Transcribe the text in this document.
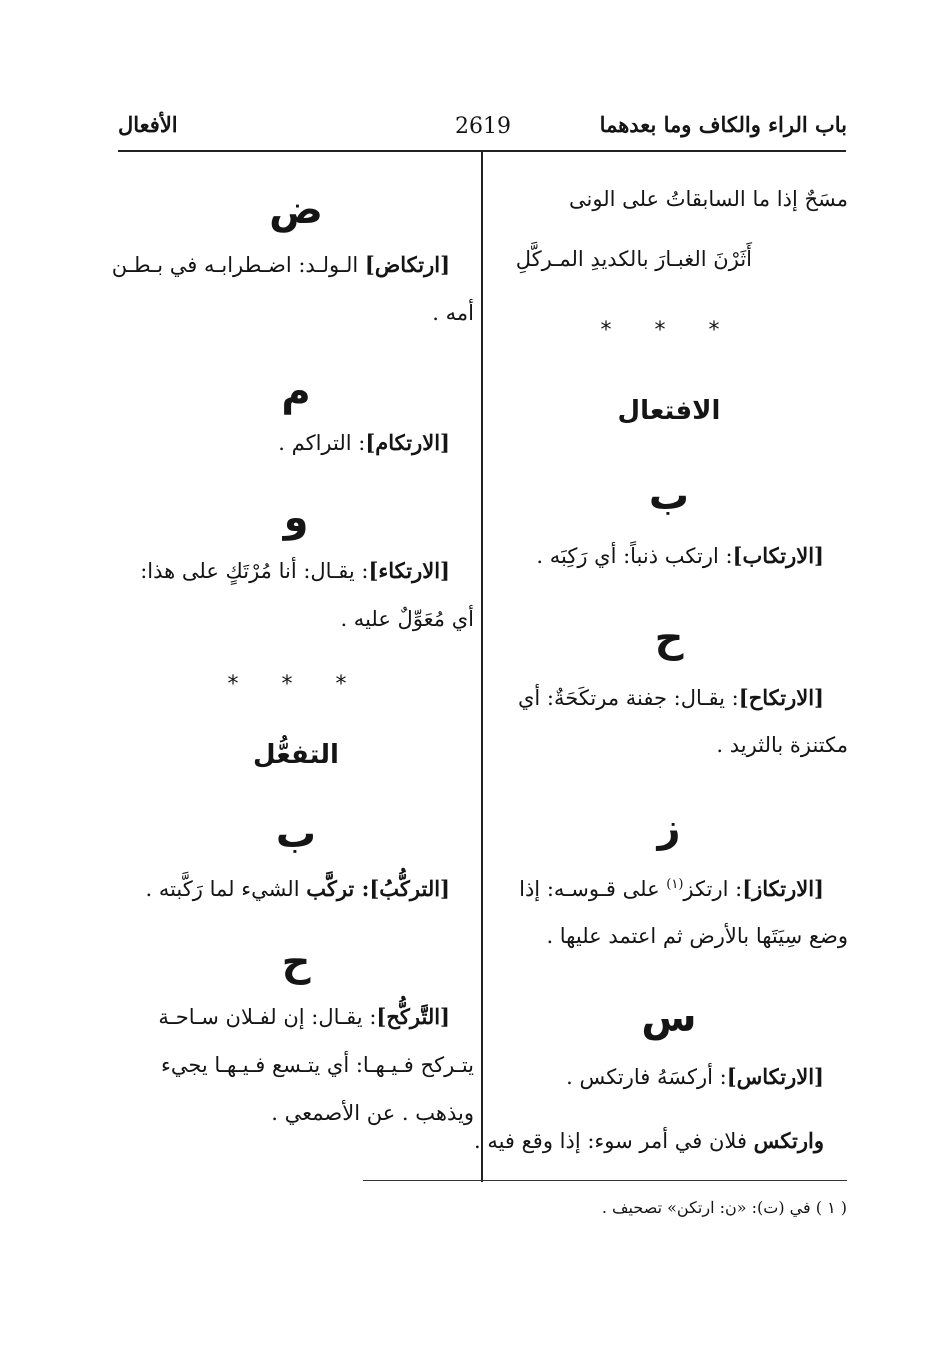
باب الراء والكاف وما بعدهما
2619
الأفعال
مسَحٌ إذا ما السابقاتُ على الونى
أَثَرْنَ الغبـارَ بالكديدِ المـركَّلِ
* * *
الافتعال
ب
[الارتكاب]: ارتكب ذنباً: أي رَكِبَه .
ح
[الارتكاح]: يقـال: جفنة مرتكَحَةٌ: أي
مكتنزة بالثريد .
ز
[الارتكاز]: ارتكز$^{(١)}$ على قـوسـه: إذا
وضع سِيَتَها بالأرض ثم اعتمد عليها .
س
[الارتكاس]: أركسَهُ فارتكس .
وارتكس فلان في أمر سوء: إذا وقع فيه .
ض
[ارتكاض] الـولـد: اضـطرابـه في بـطـن
أمه .
م
[الارتكام]: التراكم .
و
[الارتكاء]: يقـال: أنا مُرْتَكٍ على هذا:
أي مُعَوِّلٌ عليه .
* * *
التفعُّل
ب
[التركُّبُ]: تركَّب الشيء لما رَكَّبته .
ح
[التَّركُّح]: يقـال: إن لفـلان سـاحـة
يتـركح فـيـهـا: أي يتـسع فـيـهـا يجيء
ويذهب . عن الأصمعي .
( ١ ) في (ت): «ن: ارتكن» تصحيف .
